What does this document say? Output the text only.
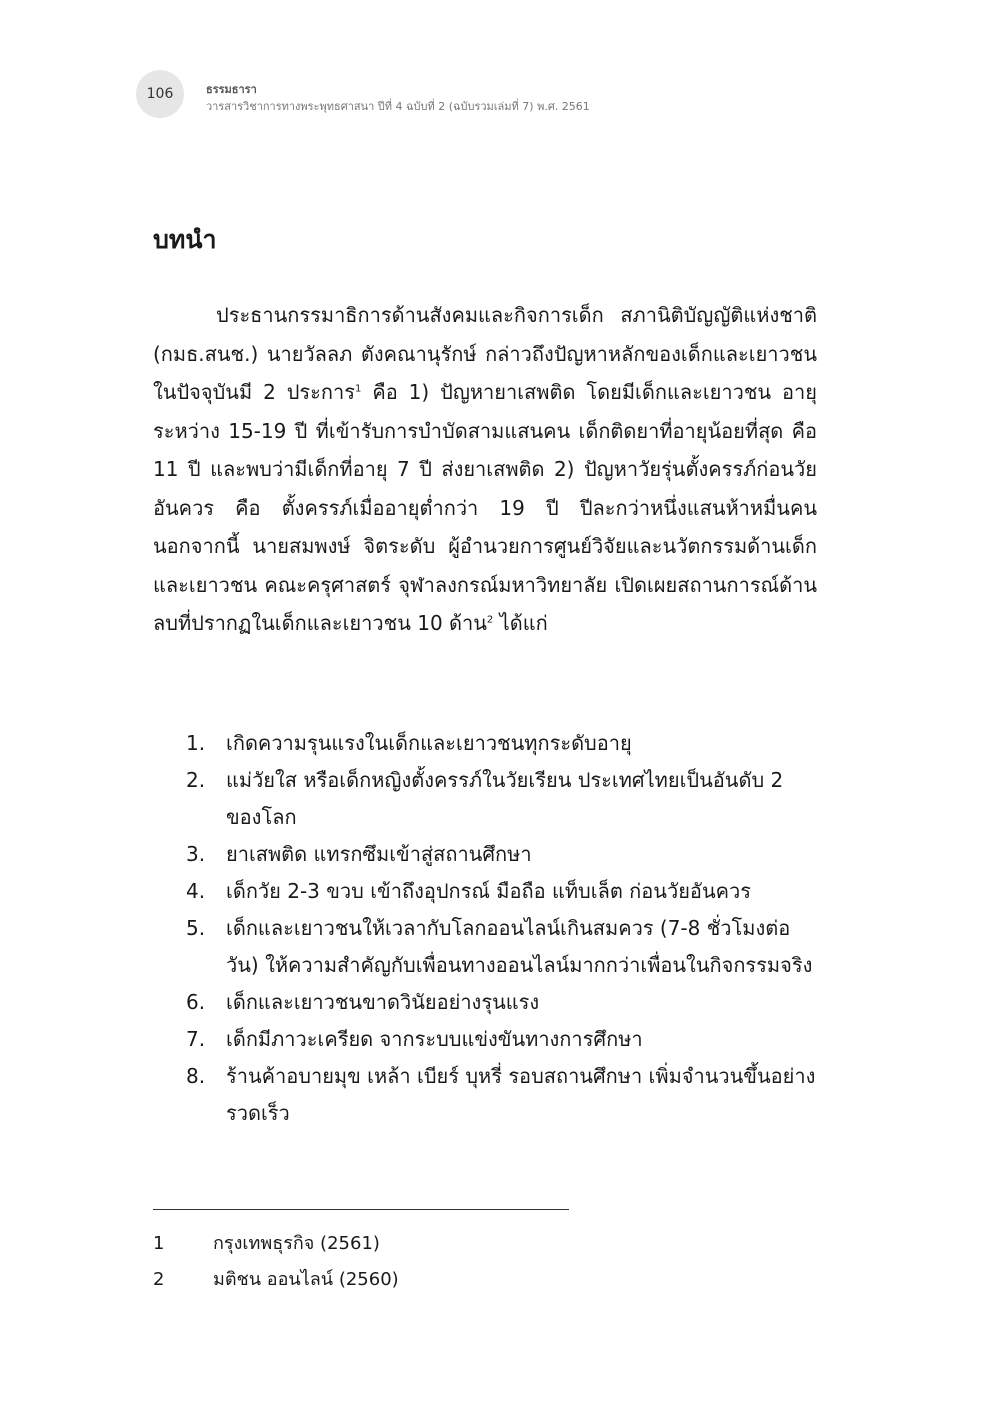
106	ธรรมธารา
วารสารวิชาการทางพระพุทธศาสนา ปีที่ 4 ฉบับที่ 2 (ฉบับรวมเล่มที่ 7) พ.ศ. 2561
บทนำ

ประธานกรรมาธิการด้านสังคมและกิจการเด็ก สภานิติบัญญัติแห่งชาติ (กมธ.สนช.) นายวัลลภ ตังคณานุรักษ์ กล่าวถึงปัญหาหลักของเด็กและเยาวชนในปัจจุบันมี 2 ประการ$^1$ คือ 1) ปัญหายาเสพติด โดยมีเด็กและเยาวชน อายุระหว่าง 15-19 ปี ที่เข้ารับการบำบัดสามแสนคน เด็กติดยาที่อายุน้อยที่สุด คือ 11 ปี และพบว่ามีเด็กที่อายุ 7 ปี ส่งยาเสพติด 2) ปัญหาวัยรุ่นตั้งครรภ์ก่อนวัยอันควร คือ ตั้งครรภ์เมื่ออายุต่ำกว่า 19 ปี ปีละกว่าหนึ่งแสนห้าหมื่นคน นอกจากนี้ นายสมพงษ์ จิตระดับ ผู้อำนวยการศูนย์วิจัยและนวัตกรรมด้านเด็กและเยาวชน คณะครุศาสตร์ จุฬาลงกรณ์มหาวิทยาลัย เปิดเผยสถานการณ์ด้านลบที่ปรากฏในเด็กและเยาวชน 10 ด้าน$^2$ ได้แก่

1.	เกิดความรุนแรงในเด็กและเยาวชนทุกระดับอายุ
2.	แม่วัยใส หรือเด็กหญิงตั้งครรภ์ในวัยเรียน ประเทศไทยเป็นอันดับ 2 ของโลก
3.	ยาเสพติด แทรกซึมเข้าสู่สถานศึกษา
4.	เด็กวัย 2-3 ขวบ เข้าถึงอุปกรณ์ มือถือ แท็บเล็ต ก่อนวัยอันควร
5.	เด็กและเยาวชนให้เวลากับโลกออนไลน์เกินสมควร (7-8 ชั่วโมงต่อวัน) ให้ความสำคัญกับเพื่อนทางออนไลน์มากกว่าเพื่อนในกิจกรรมจริง
6.	เด็กและเยาวชนขาดวินัยอย่างรุนแรง
7.	เด็กมีภาวะเครียด จากระบบแข่งขันทางการศึกษา
8.	ร้านค้าอบายมุข เหล้า เบียร์ บุหรี่ รอบสถานศึกษา เพิ่มจำนวนขึ้นอย่างรวดเร็ว
1	กรุงเทพธุรกิจ (2561)
2	มติชน ออนไลน์ (2560)
